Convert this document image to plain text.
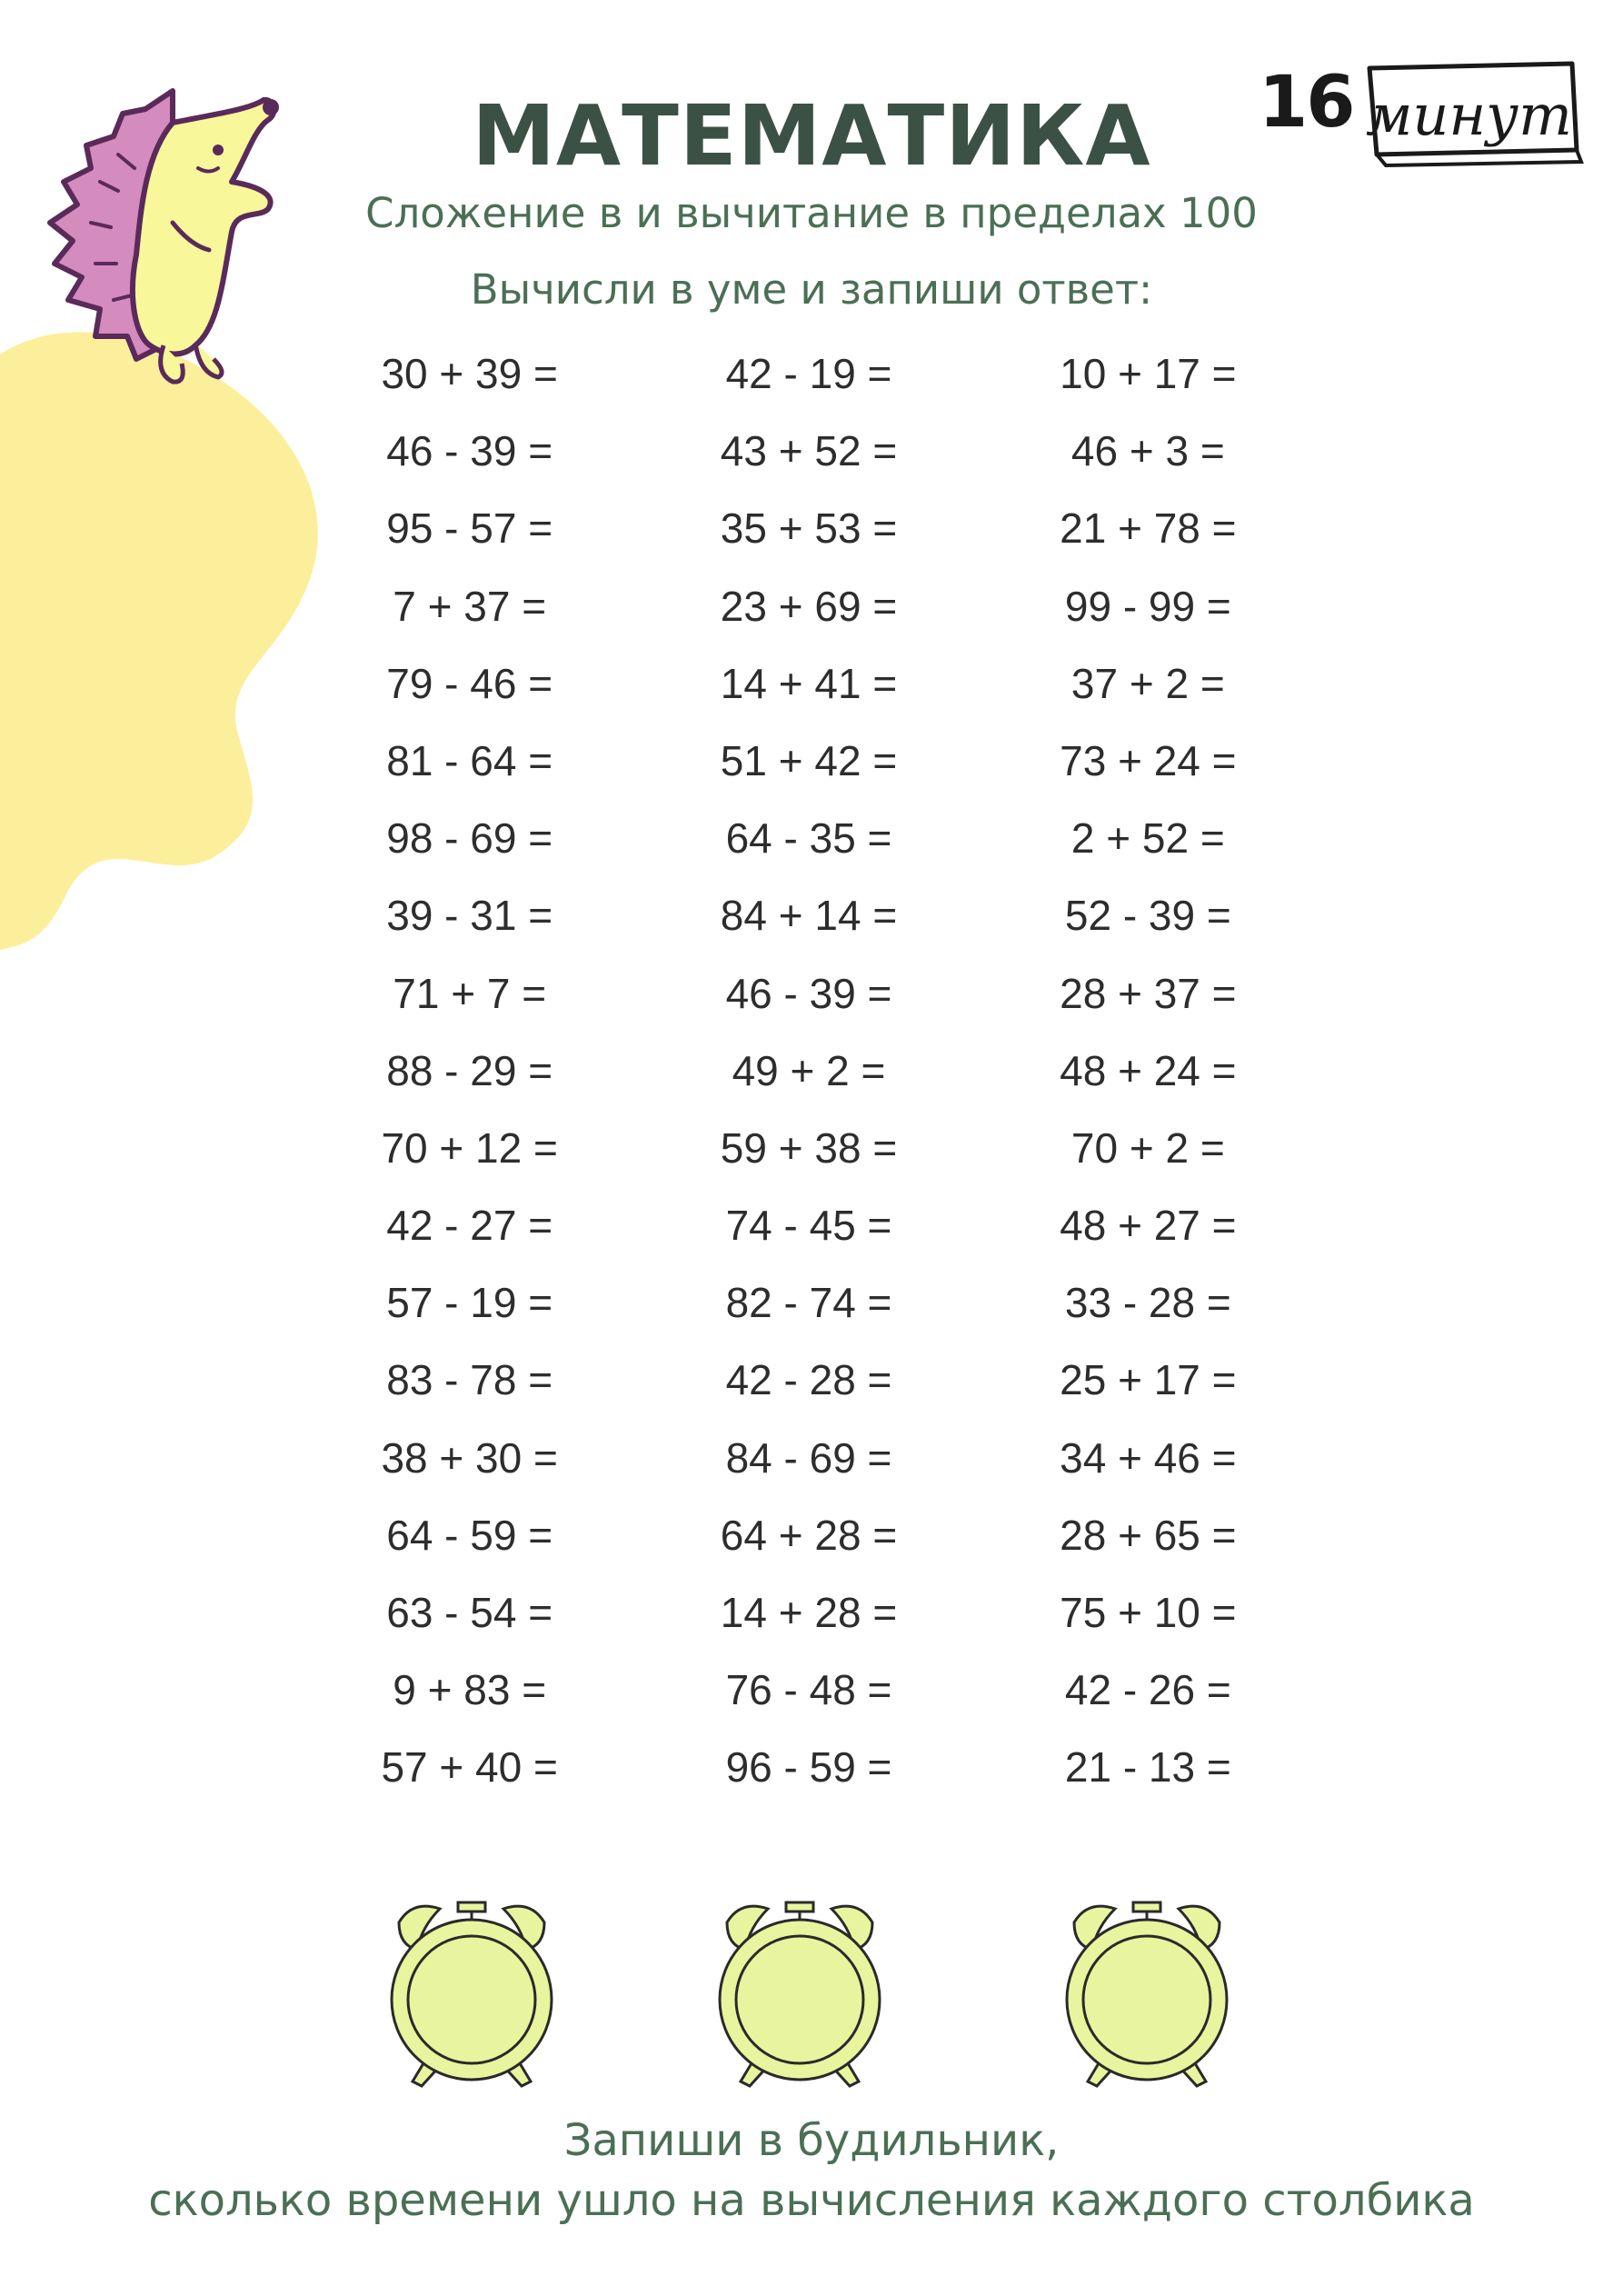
16 минут
МАТЕМАТИКА
Сложение в и вычитание в пределах 100
Вычисли в уме и запиши ответ:
30 + 39 =	42 - 19 =	10 + 17 =
46 - 39 =	43 + 52 =	46 + 3 =
95 - 57 =	35 + 53 =	21 + 78 =
7 + 37 =	23 + 69 =	99 - 99 =
79 - 46 =	14 + 41 =	37 + 2 =
81 - 64 =	51 + 42 =	73 + 24 =
98 - 69 =	64 - 35 =	2 + 52 =
39 - 31 =	84 + 14 =	52 - 39 =
71 + 7 =	46 - 39 =	28 + 37 =
88 - 29 =	49 + 2 =	48 + 24 =
70 + 12 =	59 + 38 =	70 + 2 =
42 - 27 =	74 - 45 =	48 + 27 =
57 - 19 =	82 - 74 =	33 - 28 =
83 - 78 =	42 - 28 =	25 + 17 =
38 + 30 =	84 - 69 =	34 + 46 =
64 - 59 =	64 + 28 =	28 + 65 =
63 - 54 =	14 + 28 =	75 + 10 =
9 + 83 =	76 - 48 =	42 - 26 =
57 + 40 =	96 - 59 =	21 - 13 =
Запиши в будильник,
сколько времени ушло на вычисления каждого столбика
